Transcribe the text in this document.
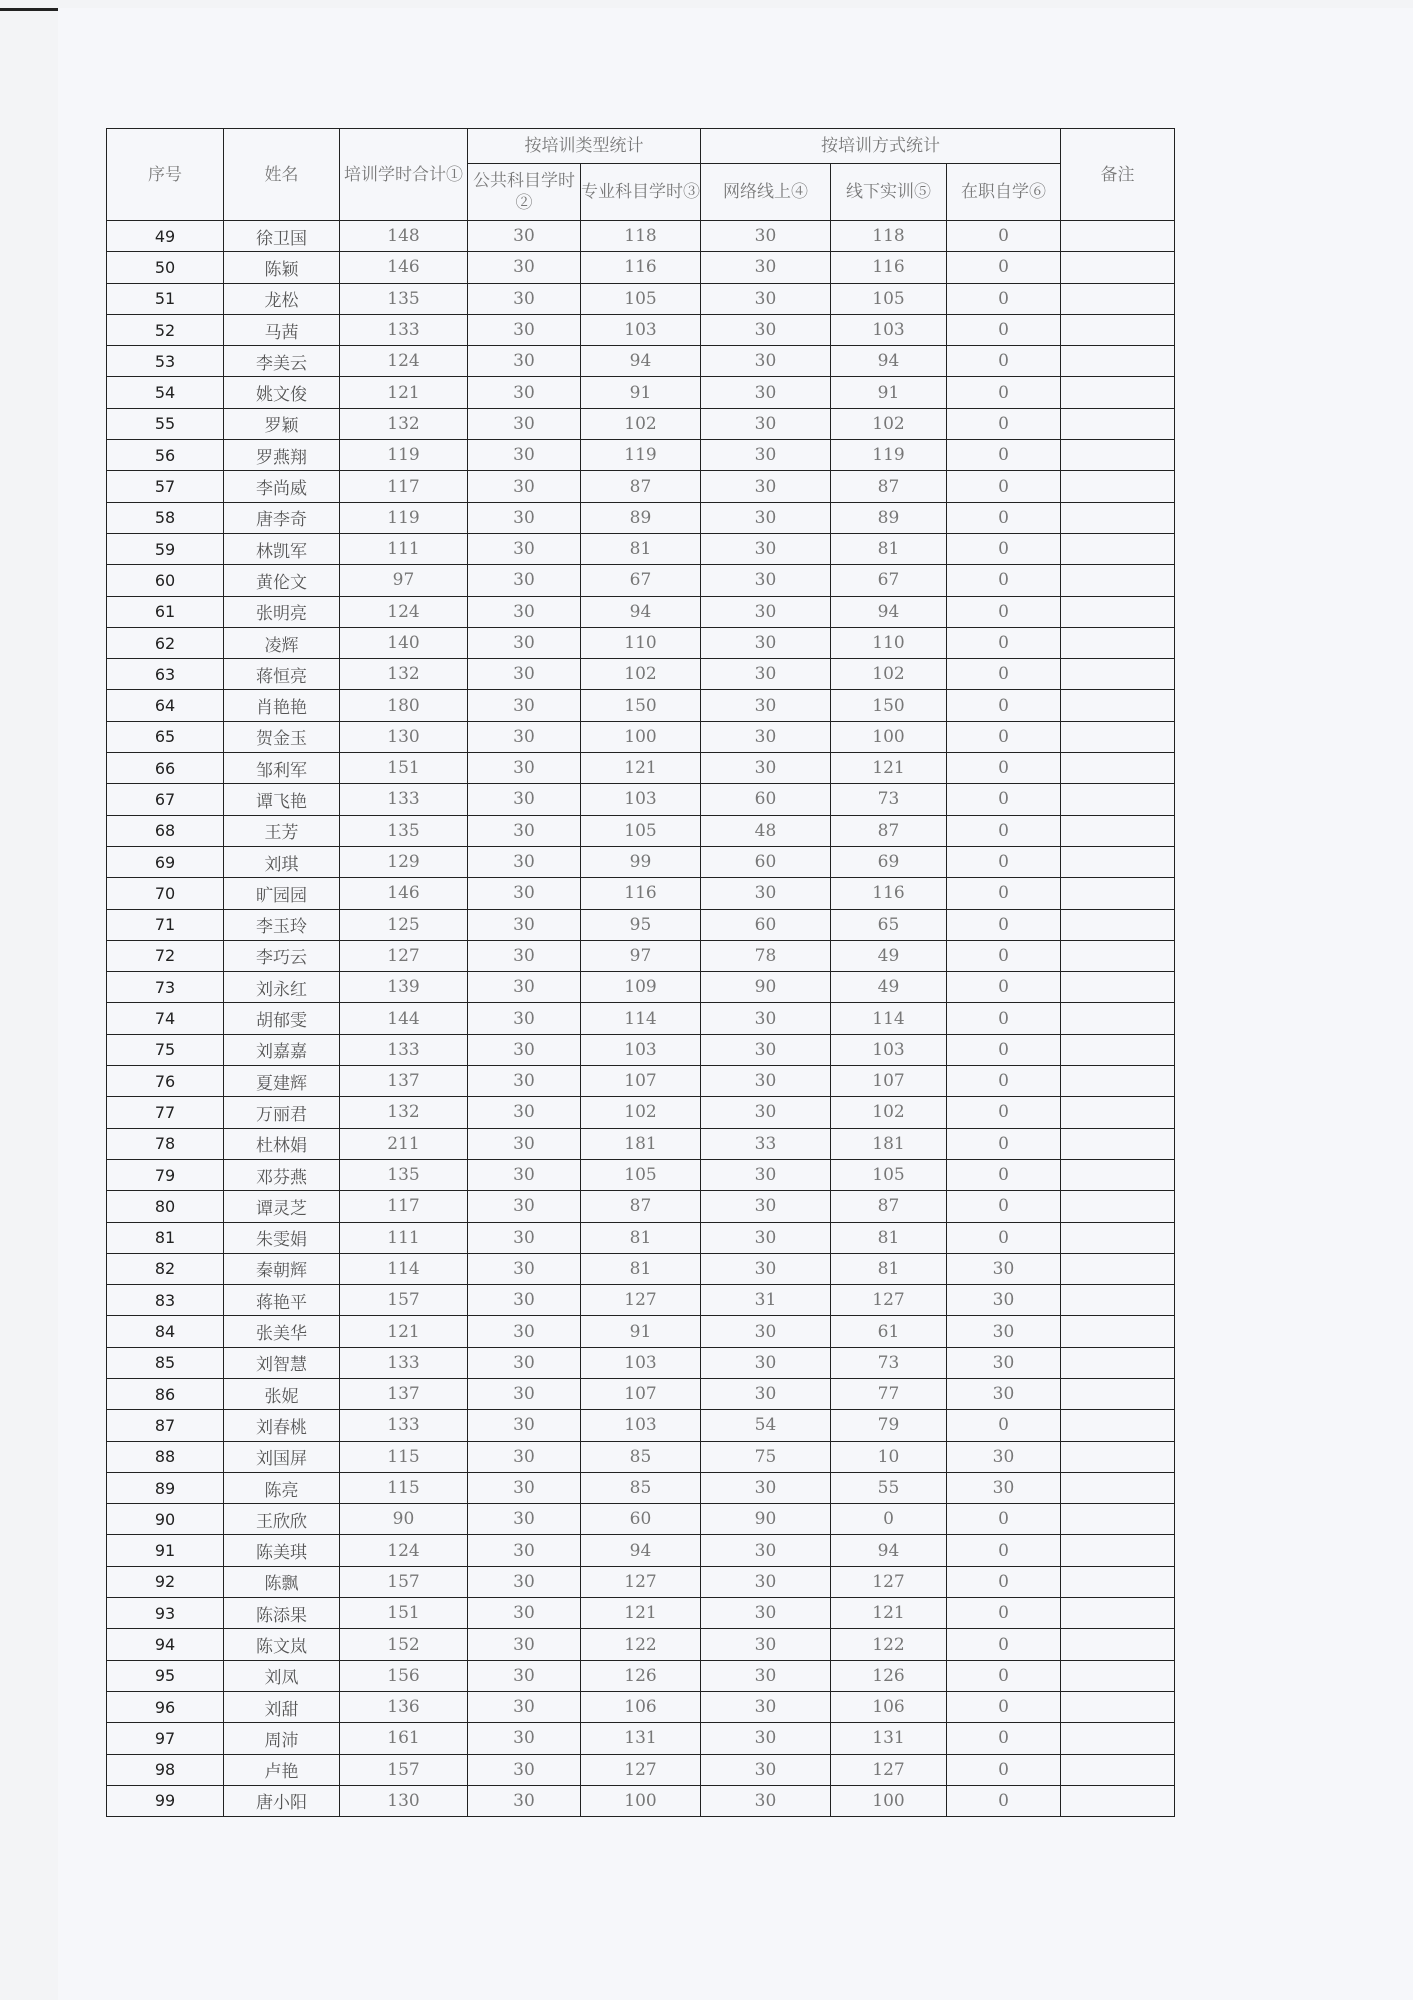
序号	姓名	培训学时合计①	按培训类型统计		按培训方式统计			备注
			公共科目学时②	专业科目学时③	网络线上④	线下实训⑤	在职自学⑥	
49	徐卫国	148	30	118	30	118	0	
50	陈颖	146	30	116	30	116	0	
51	龙松	135	30	105	30	105	0	
52	马茜	133	30	103	30	103	0	
53	李美云	124	30	94	30	94	0	
54	姚文俊	121	30	91	30	91	0	
55	罗颖	132	30	102	30	102	0	
56	罗燕翔	119	30	119	30	119	0	
57	李尚威	117	30	87	30	87	0	
58	唐李奇	119	30	89	30	89	0	
59	林凯军	111	30	81	30	81	0	
60	黄伦文	97	30	67	30	67	0	
61	张明亮	124	30	94	30	94	0	
62	凌辉	140	30	110	30	110	0	
63	蒋恒亮	132	30	102	30	102	0	
64	肖艳艳	180	30	150	30	150	0	
65	贺金玉	130	30	100	30	100	0	
66	邹利军	151	30	121	30	121	0	
67	谭飞艳	133	30	103	60	73	0	
68	王芳	135	30	105	48	87	0	
69	刘琪	129	30	99	60	69	0	
70	旷园园	146	30	116	30	116	0	
71	李玉玲	125	30	95	60	65	0	
72	李巧云	127	30	97	78	49	0	
73	刘永红	139	30	109	90	49	0	
74	胡郁雯	144	30	114	30	114	0	
75	刘嘉嘉	133	30	103	30	103	0	
76	夏建辉	137	30	107	30	107	0	
77	万丽君	132	30	102	30	102	0	
78	杜林娟	211	30	181	33	181	0	
79	邓芬燕	135	30	105	30	105	0	
80	谭灵芝	117	30	87	30	87	0	
81	朱雯娟	111	30	81	30	81	0	
82	秦朝辉	114	30	81	30	81	30	
83	蒋艳平	157	30	127	31	127	30	
84	张美华	121	30	91	30	61	30	
85	刘智慧	133	30	103	30	73	30	
86	张妮	137	30	107	30	77	30	
87	刘春桃	133	30	103	54	79	0	
88	刘国屏	115	30	85	75	10	30	
89	陈亮	115	30	85	30	55	30	
90	王欣欣	90	30	60	90	0	0	
91	陈美琪	124	30	94	30	94	0	
92	陈飘	157	30	127	30	127	0	
93	陈添果	151	30	121	30	121	0	
94	陈文岚	152	30	122	30	122	0	
95	刘凤	156	30	126	30	126	0	
96	刘甜	136	30	106	30	106	0	
97	周沛	161	30	131	30	131	0	
98	卢艳	157	30	127	30	127	0	
99	唐小阳	130	30	100	30	100	0	
